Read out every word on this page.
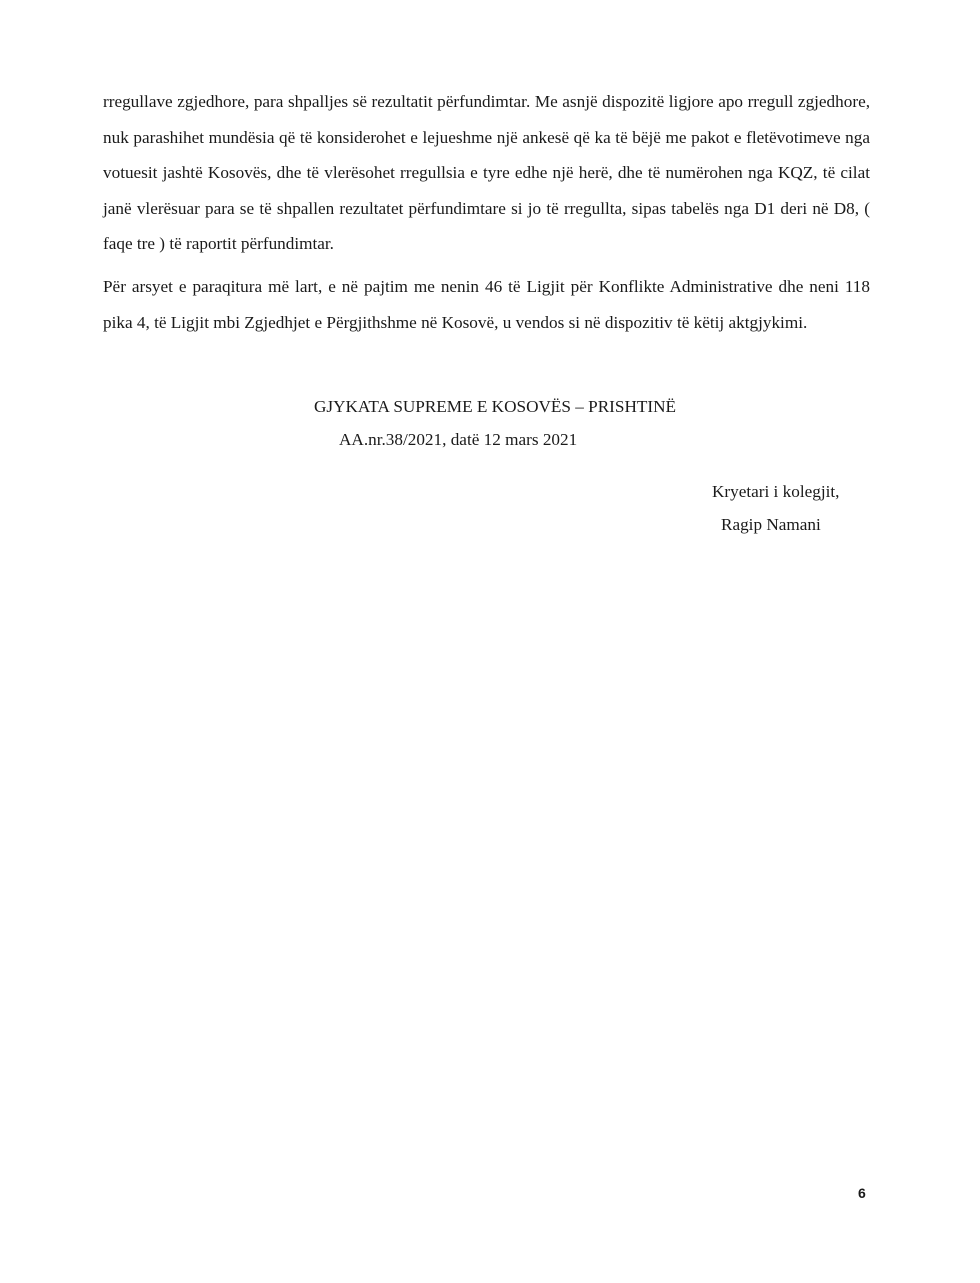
rregullave zgjedhore, para shpalljes së rezultatit përfundimtar. Me asnjë dispozitë ligjore apo rregull zgjedhore, nuk parashihet mundësia që të konsiderohet e lejueshme një ankesë që ka të bëjë me pakot e fletëvotimeve nga votuesit jashtë Kosovës, dhe të vlerësohet rregullsia e tyre edhe një herë, dhe të numërohen nga KQZ, të cilat janë vlerësuar para se të shpallen rezultatet përfundimtare si jo të rregullta, sipas tabelës nga D1 deri në D8, ( faqe tre ) të raportit përfundimtar.

Për arsyet e paraqitura më lart, e në pajtim me nenin 46 të Ligjit për Konflikte Administrative dhe neni 118 pika 4, të Ligjit mbi Zgjedhjet e Përgjithshme në Kosovë, u vendos si në dispozitiv të këtij aktgjykimi.

GJYKATA SUPREME E KOSOVËS – PRISHTINË

AA.nr.38/2021, datë 12 mars 2021

Kryetari i kolegjit,
Ragip Namani
6
